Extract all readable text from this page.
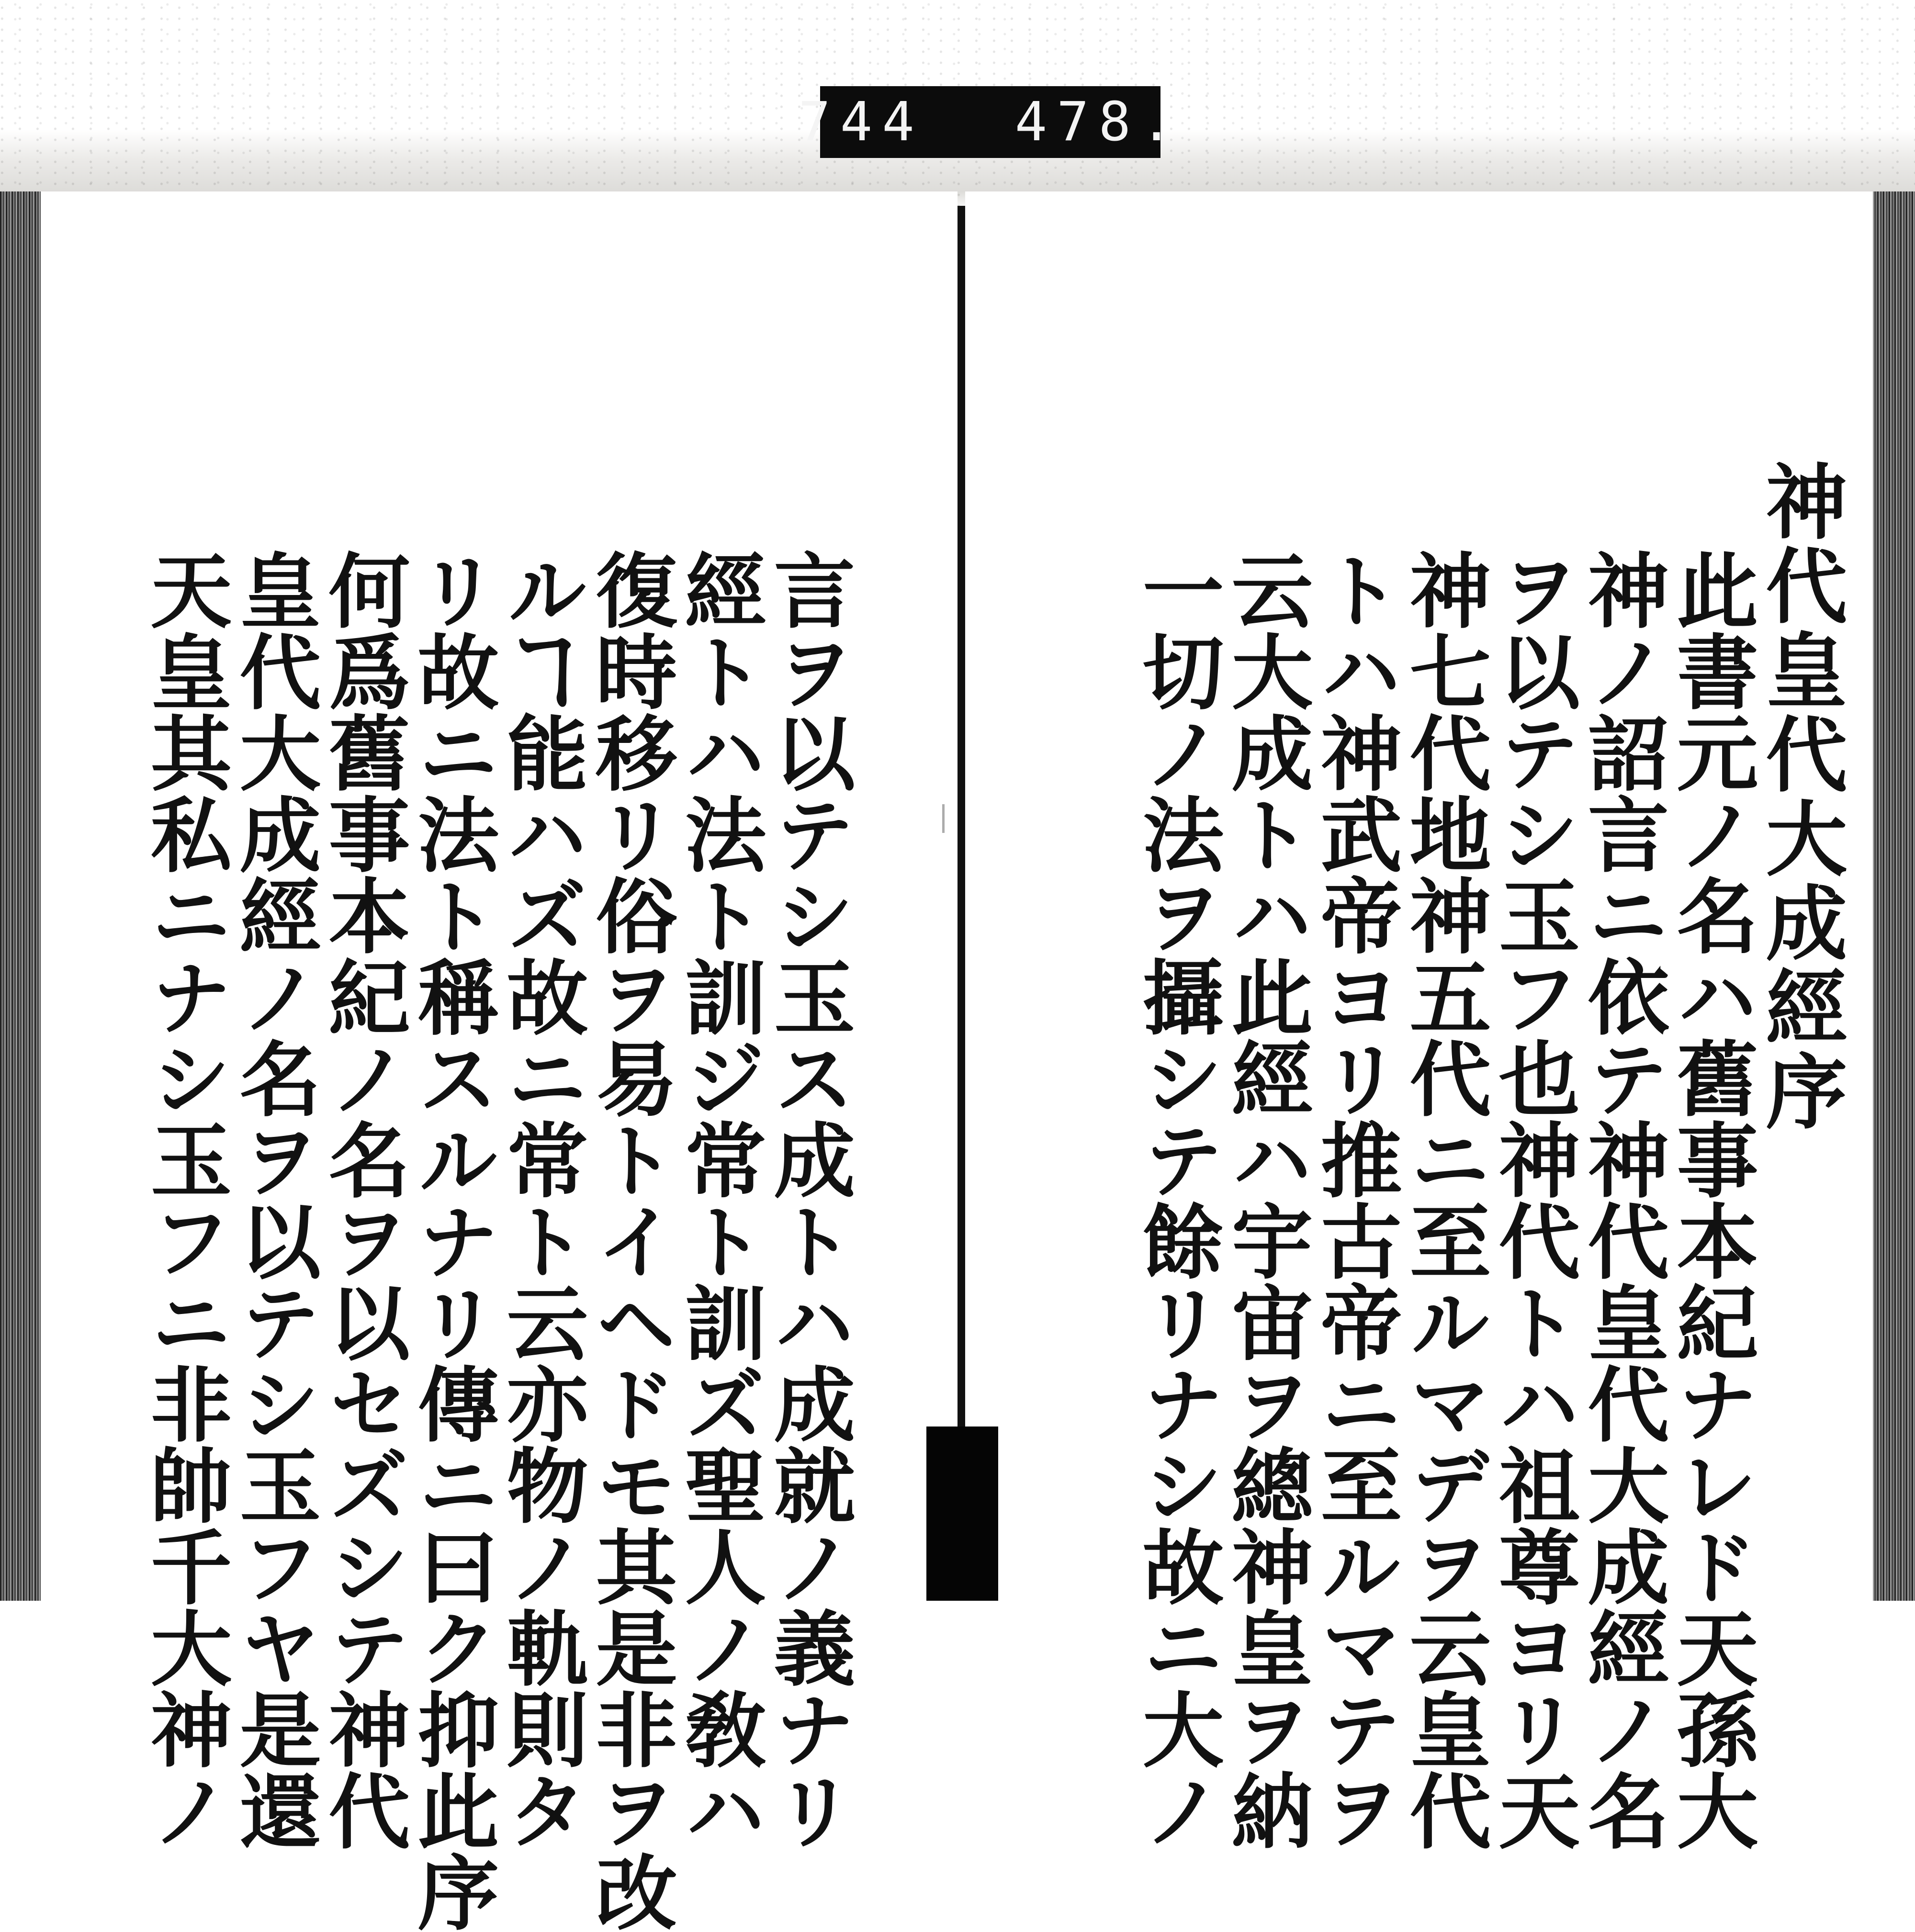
744 478.
言ヲ以テシ玉ス成トハ成就ノ義ナリ
經トハ法ト訓ジ常ト訓ズ聖人ノ敎ハ
復時移リ俗ヲ易トイヘドモ其是非ヲ改
ルヿ能ハズ故ニ常ト云亦物ノ軌則タ
リ故ニ法ト稱スルナリ傳ニ曰ク抑此序
何爲舊事本紀ノ名ヲ以セズシテ神代
皇代大成經ノ名ヲ以テシ玉フヤ是還
天皇其私ニナシ玉フニ非帥千大神ノ	神代皇代大成經序
此書元ノ名ハ舊事本紀ナレド天孫大
神ノ詔言ニ依テ神代皇代大成經ノ名
ヲ以テシ玉フ也神代トハ祖尊ヨリ天
神七代地神五代ニ至ルマデヲ云皇代
トハ神武帝ヨリ推古帝ニ至ルマテヲ
云大成トハ此經ハ宇宙ヲ總神皇ヲ納
一切ノ法ヲ攝シテ餘リナシ故ニ大ノ
